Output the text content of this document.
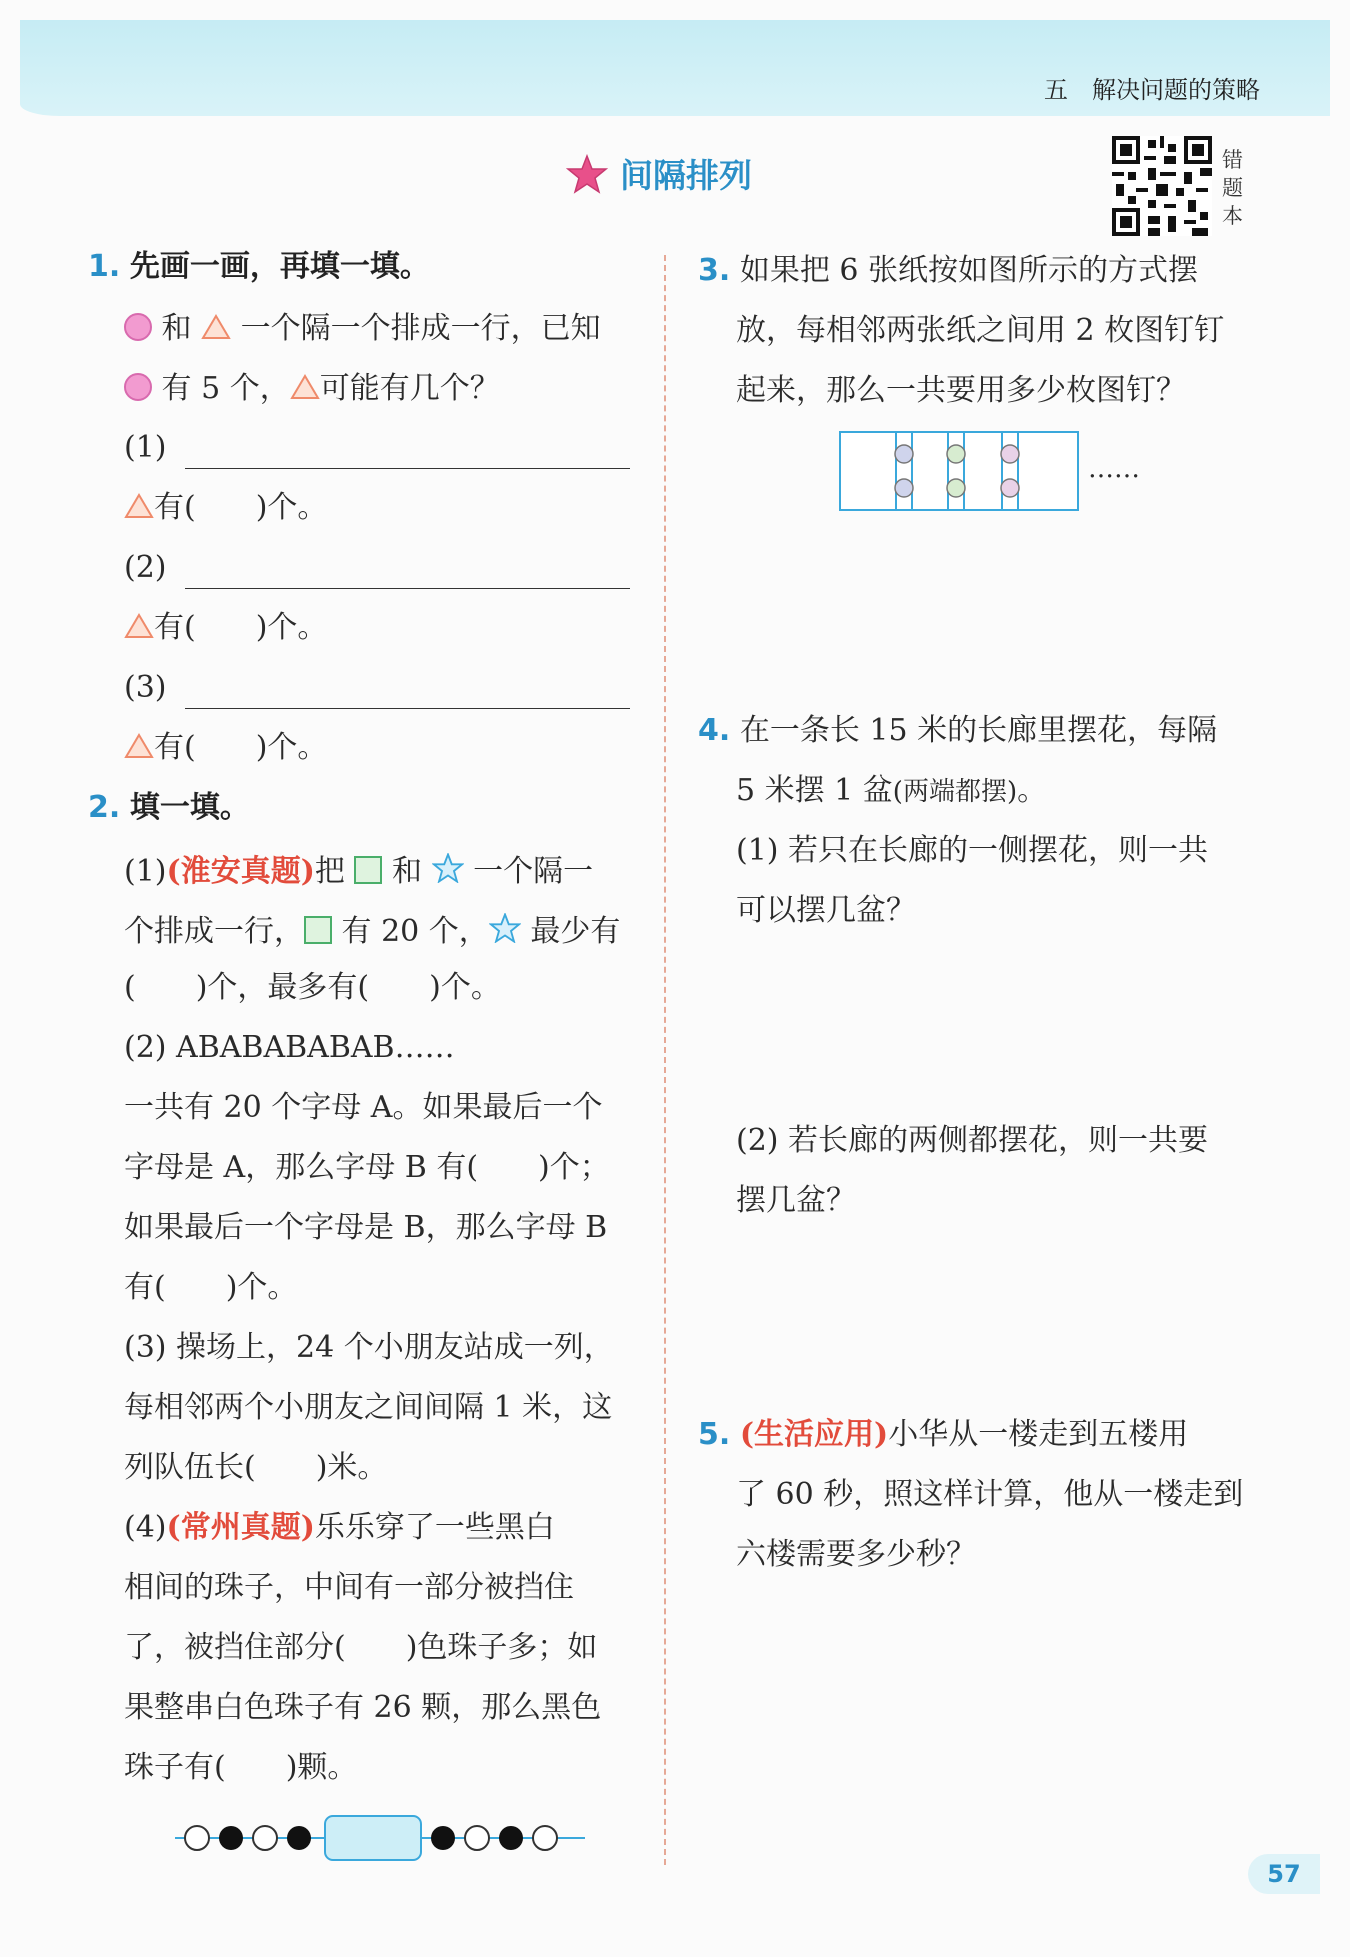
五　解决问题的策略
间隔排列	错
题
本
1. 先画一画，再填一填。
和 一个隔一个排成一行，已知
有 5 个， 可能有几个？
(1)
有(　　)个。
(2)
有(　　)个。
(3)
有(　　)个。
2. 填一填。
(1)(淮安真题)把 和 一个隔一
个排成一行， 有 20 个， 最少有
(　　)个，最多有(　　)个。
(2) ABABABABAB……
一共有 20 个字母 A。如果最后一个
字母是 A，那么字母 B 有(　　)个；
如果最后一个字母是 B，那么字母 B
有(　　)个。
(3) 操场上，24 个小朋友站成一列，
每相邻两个小朋友之间间隔 1 米，这
列队伍长(　　)米。
(4)(常州真题)乐乐穿了一些黑白
相间的珠子，中间有一部分被挡住
了，被挡住部分(　　)色珠子多；如
果整串白色珠子有 26 颗，那么黑色
珠子有(　　)颗。
3. 如果把 6 张纸按如图所示的方式摆
放，每相邻两张纸之间用 2 枚图钉钉
起来，那么一共要用多少枚图钉？
……
4. 在一条长 15 米的长廊里摆花，每隔
5 米摆 1 盆(两端都摆)。
(1) 若只在长廊的一侧摆花，则一共
可以摆几盆？
(2) 若长廊的两侧都摆花，则一共要
摆几盆？
5. (生活应用)小华从一楼走到五楼用
了 60 秒，照这样计算，他从一楼走到
六楼需要多少秒？
57
